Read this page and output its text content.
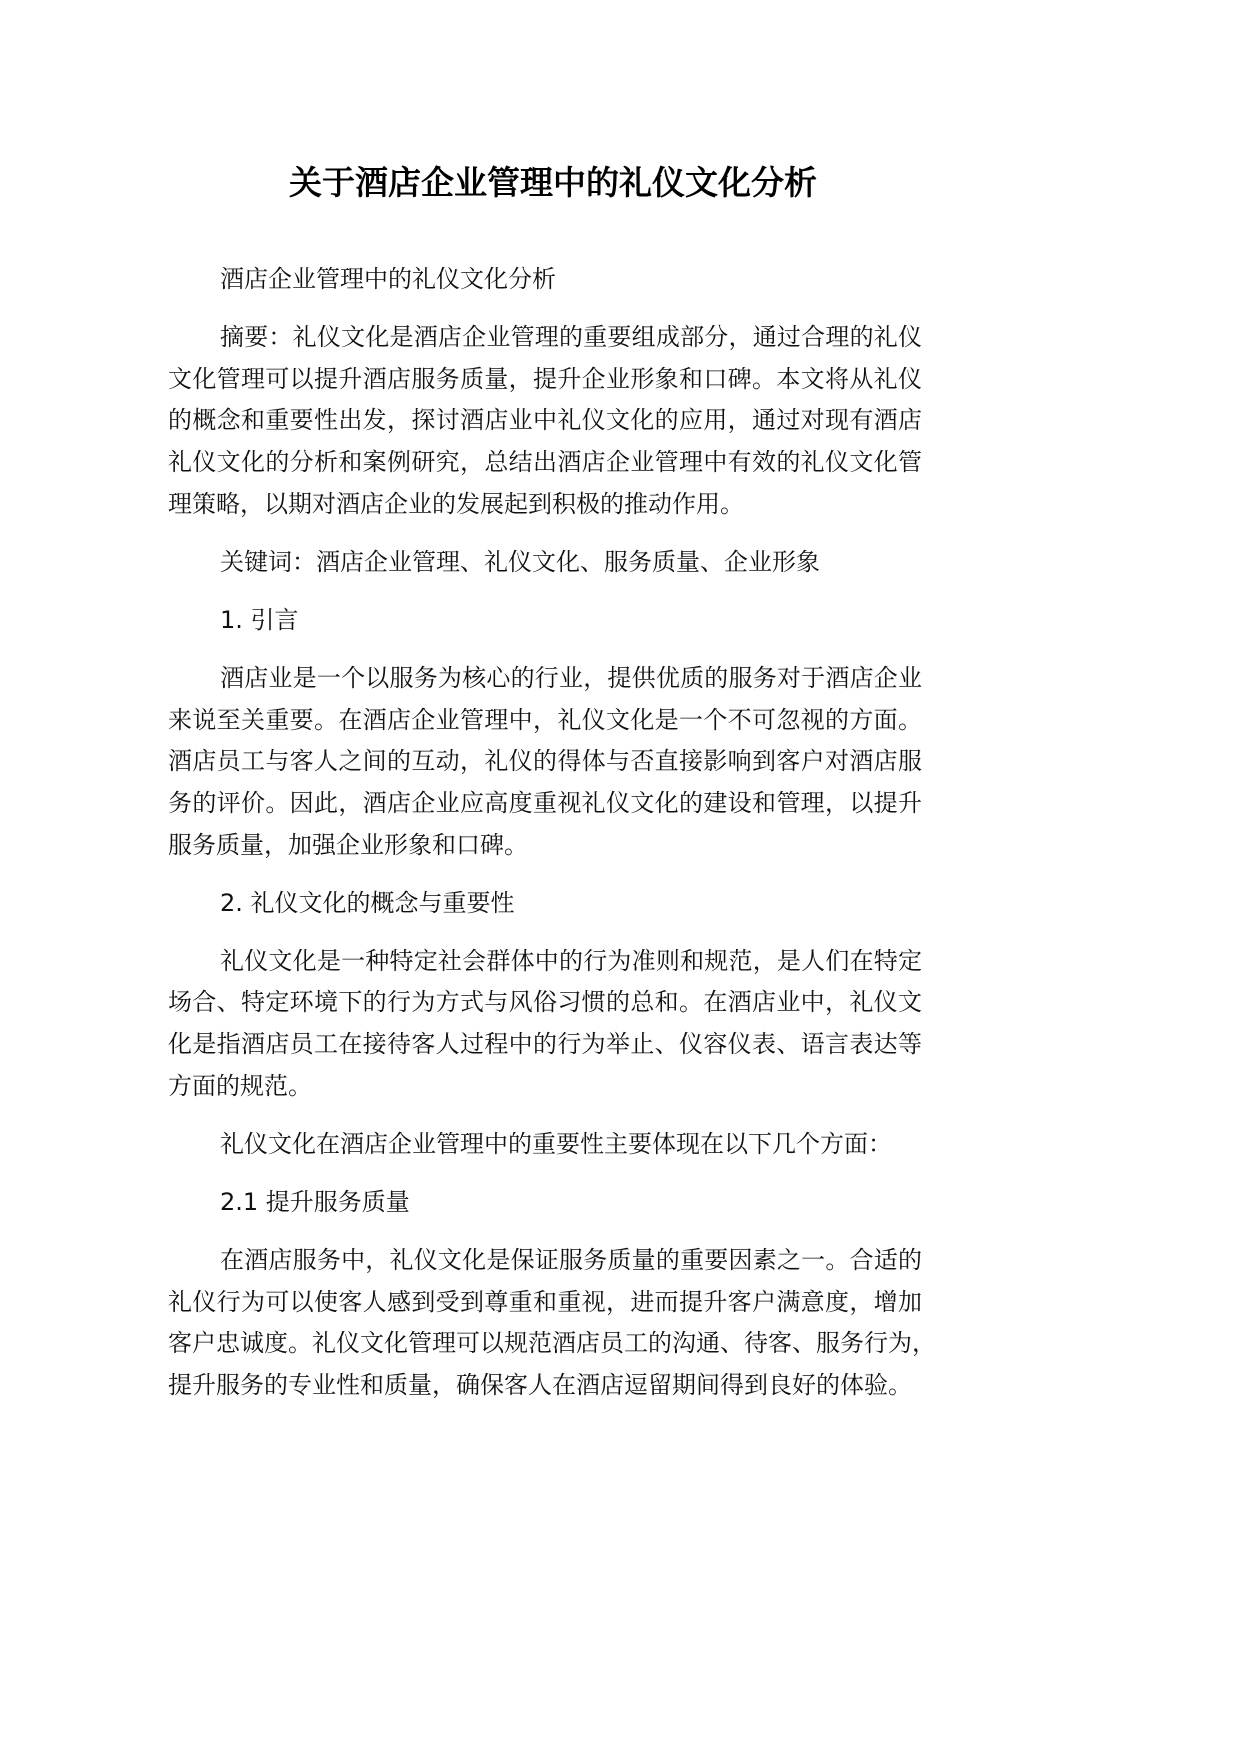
关于酒店企业管理中的礼仪文化分析
酒店企业管理中的礼仪文化分析
摘要：礼仪文化是酒店企业管理的重要组成部分，通过合理的礼仪
文化管理可以提升酒店服务质量，提升企业形象和口碑。本文将从礼仪
的概念和重要性出发，探讨酒店业中礼仪文化的应用，通过对现有酒店
礼仪文化的分析和案例研究，总结出酒店企业管理中有效的礼仪文化管
理策略，以期对酒店企业的发展起到积极的推动作用。
关键词：酒店企业管理、礼仪文化、服务质量、企业形象
1. 引言
酒店业是一个以服务为核心的行业，提供优质的服务对于酒店企业
来说至关重要。在酒店企业管理中，礼仪文化是一个不可忽视的方面。
酒店员工与客人之间的互动，礼仪的得体与否直接影响到客户对酒店服
务的评价。因此，酒店企业应高度重视礼仪文化的建设和管理，以提升
服务质量，加强企业形象和口碑。
2. 礼仪文化的概念与重要性
礼仪文化是一种特定社会群体中的行为准则和规范，是人们在特定
场合、特定环境下的行为方式与风俗习惯的总和。在酒店业中，礼仪文
化是指酒店员工在接待客人过程中的行为举止、仪容仪表、语言表达等
方面的规范。
礼仪文化在酒店企业管理中的重要性主要体现在以下几个方面：
2.1 提升服务质量
在酒店服务中，礼仪文化是保证服务质量的重要因素之一。合适的
礼仪行为可以使客人感到受到尊重和重视，进而提升客户满意度，增加
客户忠诚度。礼仪文化管理可以规范酒店员工的沟通、待客、服务行为，
提升服务的专业性和质量，确保客人在酒店逗留期间得到良好的体验。
